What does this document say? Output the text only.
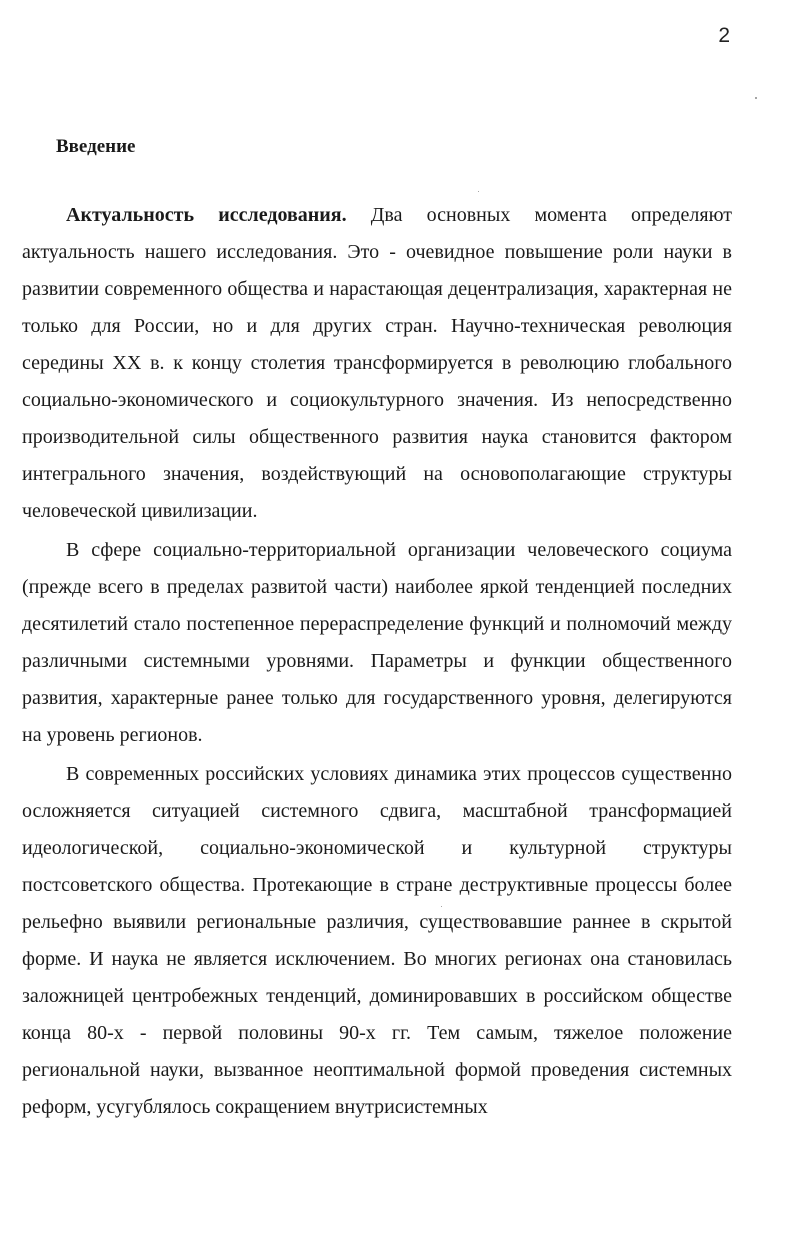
2
Введение

Актуальность исследования. Два основных момента определяют актуальность нашего исследования. Это - очевидное повышение роли науки в развитии современного общества и нарастающая децентрализация, характерная не только для России, но и для других стран. Научно-техническая революция середины XX в. к концу столетия трансформируется в революцию глобального социально-экономического и социокультурного значения. Из непосредственно производительной силы общественного развития наука становится фактором интегрального значения, воздействующий на основополагающие структуры человеческой цивилизации.

В сфере социально-территориальной организации человеческого социума (прежде всего в пределах развитой части) наиболее яркой тенденцией последних десятилетий стало постепенное перераспределение функций и полномочий между различными системными уровнями. Параметры и функции общественного развития, характерные ранее только для государственного уровня, делегируются на уровень регионов.

В современных российских условиях динамика этих процессов существенно осложняется ситуацией системного сдвига, масштабной трансформацией идеологической, социально-экономической и культурной структуры постсоветского общества. Протекающие в стране деструктивные процессы более рельефно выявили региональные различия, существовавшие раннее в скрытой форме. И наука не является исключением. Во многих регионах она становилась заложницей центробежных тенденций, доминировавших в российском обществе конца 80-х - первой половины 90-х гг. Тем самым, тяжелое положение региональной науки, вызванное неоптимальной формой проведения системных реформ, усугублялось сокращением внутрисистемных
